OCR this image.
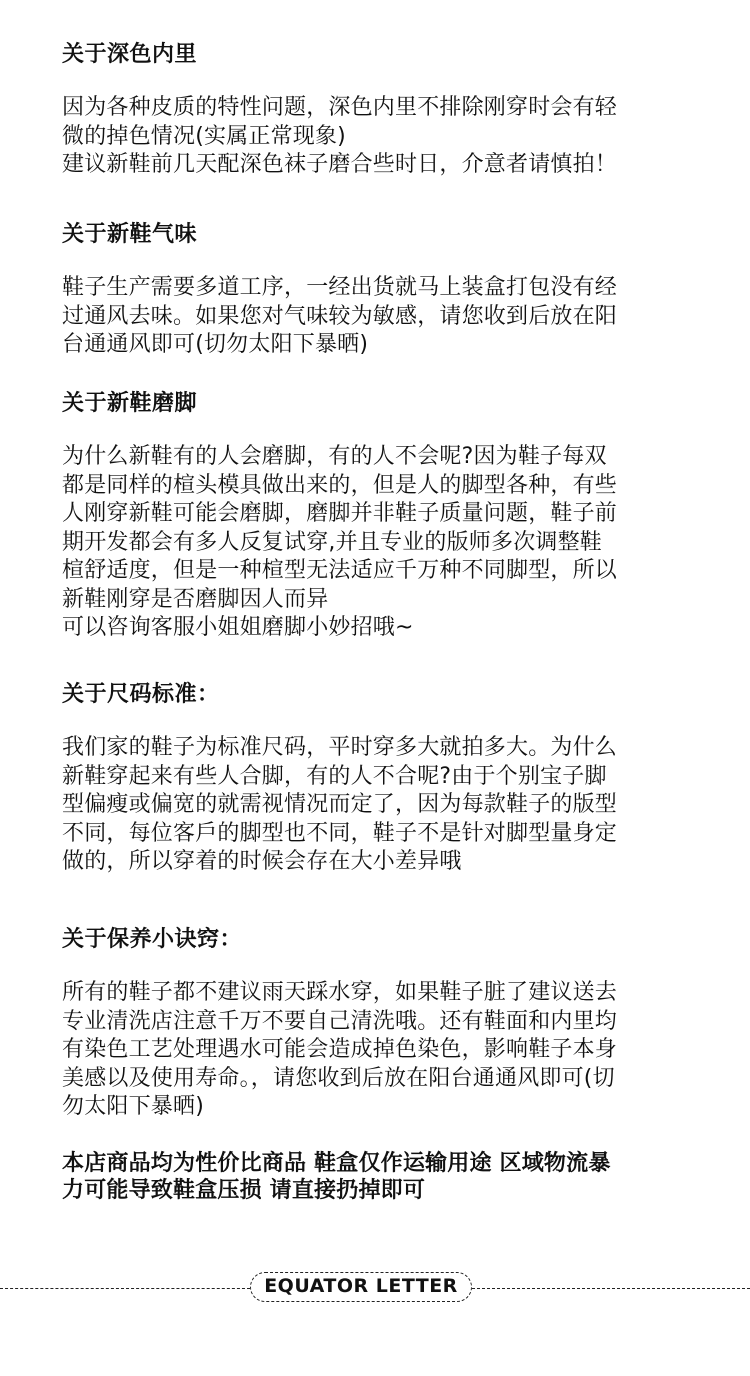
关于深色内里

因为各种皮质的特性问题，深色内里不排除刚穿时会有轻
微的掉色情况(实属正常现象)
建议新鞋前几天配深色袜子磨合些时日，介意者请慎拍！

关于新鞋气味

鞋子生产需要多道工序，一经出货就马上装盒打包没有经
过通风去味。如果您对气味较为敏感，请您收到后放在阳
台通通风即可(切勿太阳下暴晒)

关于新鞋磨脚

为什么新鞋有的人会磨脚，有的人不会呢?因为鞋子每双
都是同样的楦头模具做出来的，但是人的脚型各种，有些
人刚穿新鞋可能会磨脚，磨脚并非鞋子质量问题，鞋子前
期开发都会有多人反复试穿,并且专业的版师多次调整鞋
楦舒适度，但是一种楦型无法适应千万种不同脚型，所以
新鞋刚穿是否磨脚因人而异
可以咨询客服小姐姐磨脚小妙招哦~

关于尺码标准：

我们家的鞋子为标准尺码，平时穿多大就拍多大。为什么
新鞋穿起来有些人合脚，有的人不合呢?由于个别宝子脚
型偏瘦或偏宽的就需视情况而定了，因为每款鞋子的版型
不同，每位客戶的脚型也不同，鞋子不是针对脚型量身定
做的，所以穿着的时候会存在大小差异哦

关于保养小诀窍：

所有的鞋子都不建议雨天踩水穿，如果鞋子脏了建议送去
专业清洗店注意千万不要自己清洗哦。还有鞋面和内里均
有染色工艺处理遇水可能会造成掉色染色，影响鞋子本身
美感以及使用寿命。，请您收到后放在阳台通通风即可(切
勿太阳下暴晒)

本店商品均为性价比商品 鞋盒仅作运输用途 区域物流暴
力可能导致鞋盒压损 请直接扔掉即可
EQUATOR LETTER
